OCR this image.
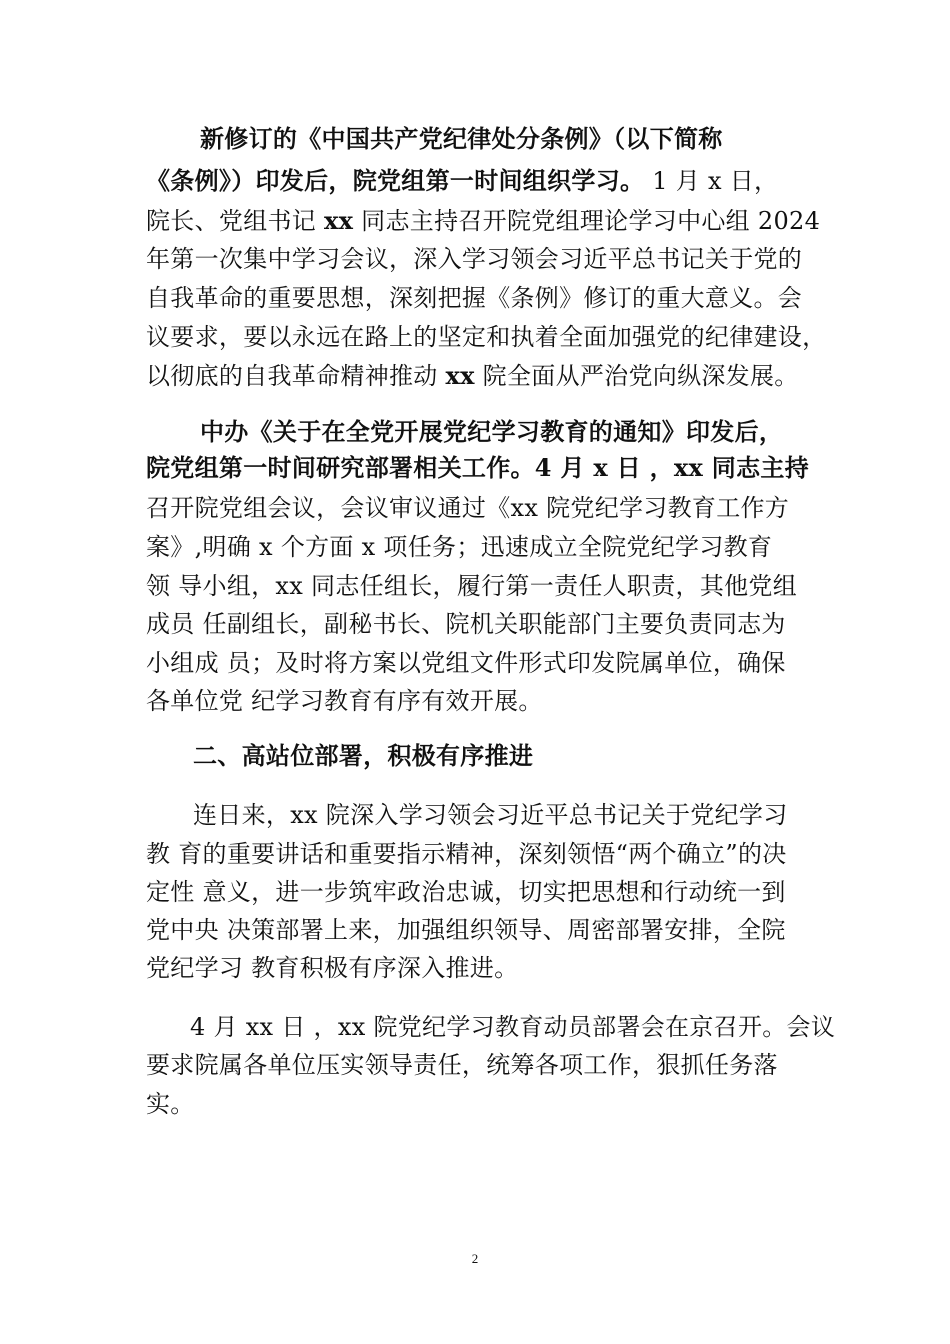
新修订的《中国共产党纪律处分条例》（以下简称
《条例》）印发后，院党组第一时间组织学习。 1 月 x 日，
院长、党组书记 xx 同志主持召开院党组理论学习中心组 2024
年第一次集中学习会议，深入学习领会习近平总书记关于党的
自我革命的重要思想，深刻把握《条例》修订的重大意义。会
议要求，要以永远在路上的坚定和执着全面加强党的纪律建设，
以彻底的自我革命精神推动 xx 院全面从严治党向纵深发展。
中办《关于在全党开展党纪学习教育的通知》印发后，
院党组第一时间研究部署相关工作。4 月 x 日 ，xx 同志主持
召开院党组会议，会议审议通过《xx 院党纪学习教育工作方
案》,明确 x 个方面 x 项任务；迅速成立全院党纪学习教育
领 导小组，xx 同志任组长，履行第一责任人职责，其他党组
成员 任副组长，副秘书长、院机关职能部门主要负责同志为
小组成 员；及时将方案以党组文件形式印发院属单位，确保
各单位党 纪学习教育有序有效开展。
二、高站位部署，积极有序推进
连日来，xx 院深入学习领会习近平总书记关于党纪学习
教 育的重要讲话和重要指示精神，深刻领悟“两个确立”的决
定性 意义，进一步筑牢政治忠诚，切实把思想和行动统一到
党中央 决策部署上来，加强组织领导、周密部署安排，全院
党纪学习 教育积极有序深入推进。
4 月 xx 日 ，xx 院党纪学习教育动员部署会在京召开。会议
要求院属各单位压实领导责任，统筹各项工作，狠抓任务落
实。
2
